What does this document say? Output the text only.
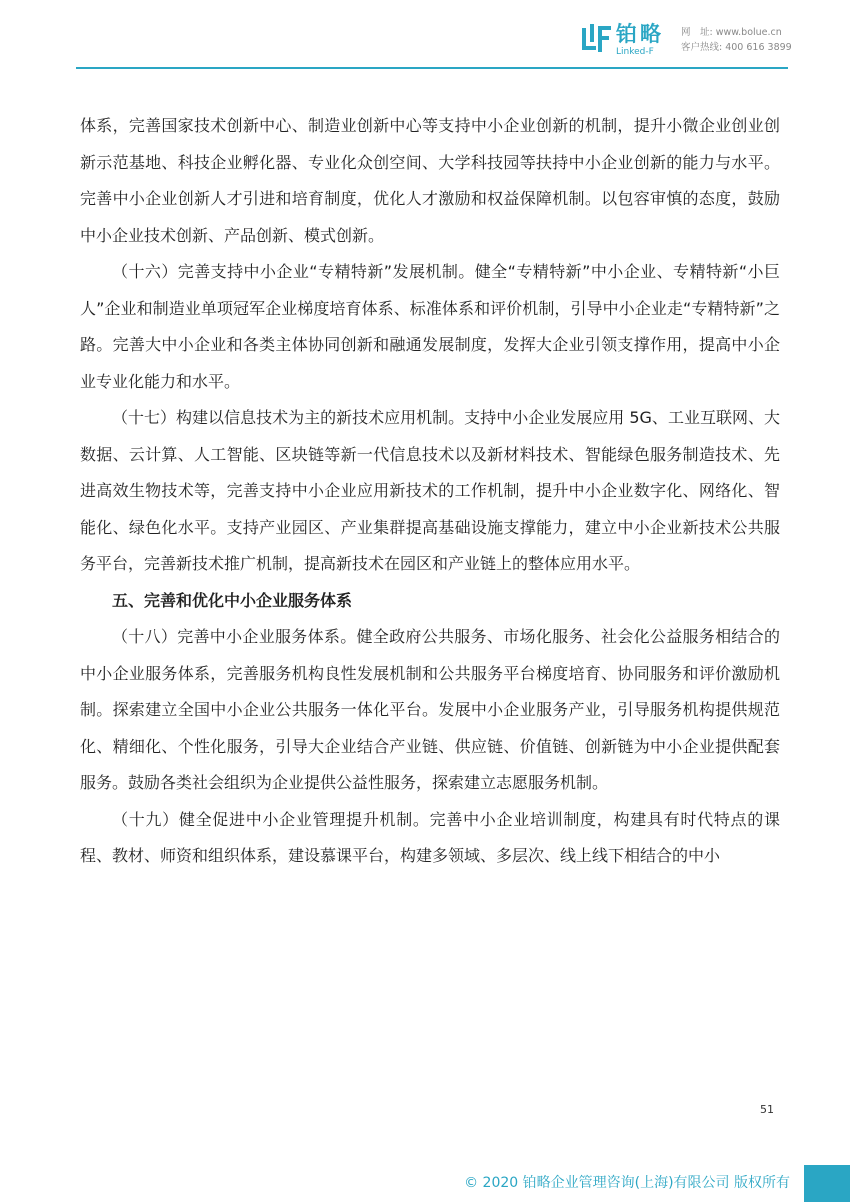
铂略
Linked-F
网　址: www.bolue.cn
客户热线: 400 616 3899

体系，完善国家技术创新中心、制造业创新中心等支持中小企业创新的机制，提升小微企业创业创新示范基地、科技企业孵化器、专业化众创空间、大学科技园等扶持中小企业创新的能力与水平。完善中小企业创新人才引进和培育制度，优化人才激励和权益保障机制。以包容审慎的态度，鼓励中小企业技术创新、产品创新、模式创新。

（十六）完善支持中小企业“专精特新”发展机制。健全“专精特新”中小企业、专精特新“小巨人”企业和制造业单项冠军企业梯度培育体系、标准体系和评价机制，引导中小企业走“专精特新”之路。完善大中小企业和各类主体协同创新和融通发展制度，发挥大企业引领支撑作用，提高中小企业专业化能力和水平。

（十七）构建以信息技术为主的新技术应用机制。支持中小企业发展应用 5G、工业互联网、大数据、云计算、人工智能、区块链等新一代信息技术以及新材料技术、智能绿色服务制造技术、先进高效生物技术等，完善支持中小企业应用新技术的工作机制，提升中小企业数字化、网络化、智能化、绿色化水平。支持产业园区、产业集群提高基础设施支撑能力，建立中小企业新技术公共服务平台，完善新技术推广机制，提高新技术在园区和产业链上的整体应用水平。

五、完善和优化中小企业服务体系

（十八）完善中小企业服务体系。健全政府公共服务、市场化服务、社会化公益服务相结合的中小企业服务体系，完善服务机构良性发展机制和公共服务平台梯度培育、协同服务和评价激励机制。探索建立全国中小企业公共服务一体化平台。发展中小企业服务产业，引导服务机构提供规范化、精细化、个性化服务，引导大企业结合产业链、供应链、价值链、创新链为中小企业提供配套服务。鼓励各类社会组织为企业提供公益性服务，探索建立志愿服务机制。

（十九）健全促进中小企业管理提升机制。完善中小企业培训制度，构建具有时代特点的课程、教材、师资和组织体系，建设慕课平台，构建多领域、多层次、线上线下相结合的中小

51
© 2020 铂略企业管理咨询(上海)有限公司 版权所有
